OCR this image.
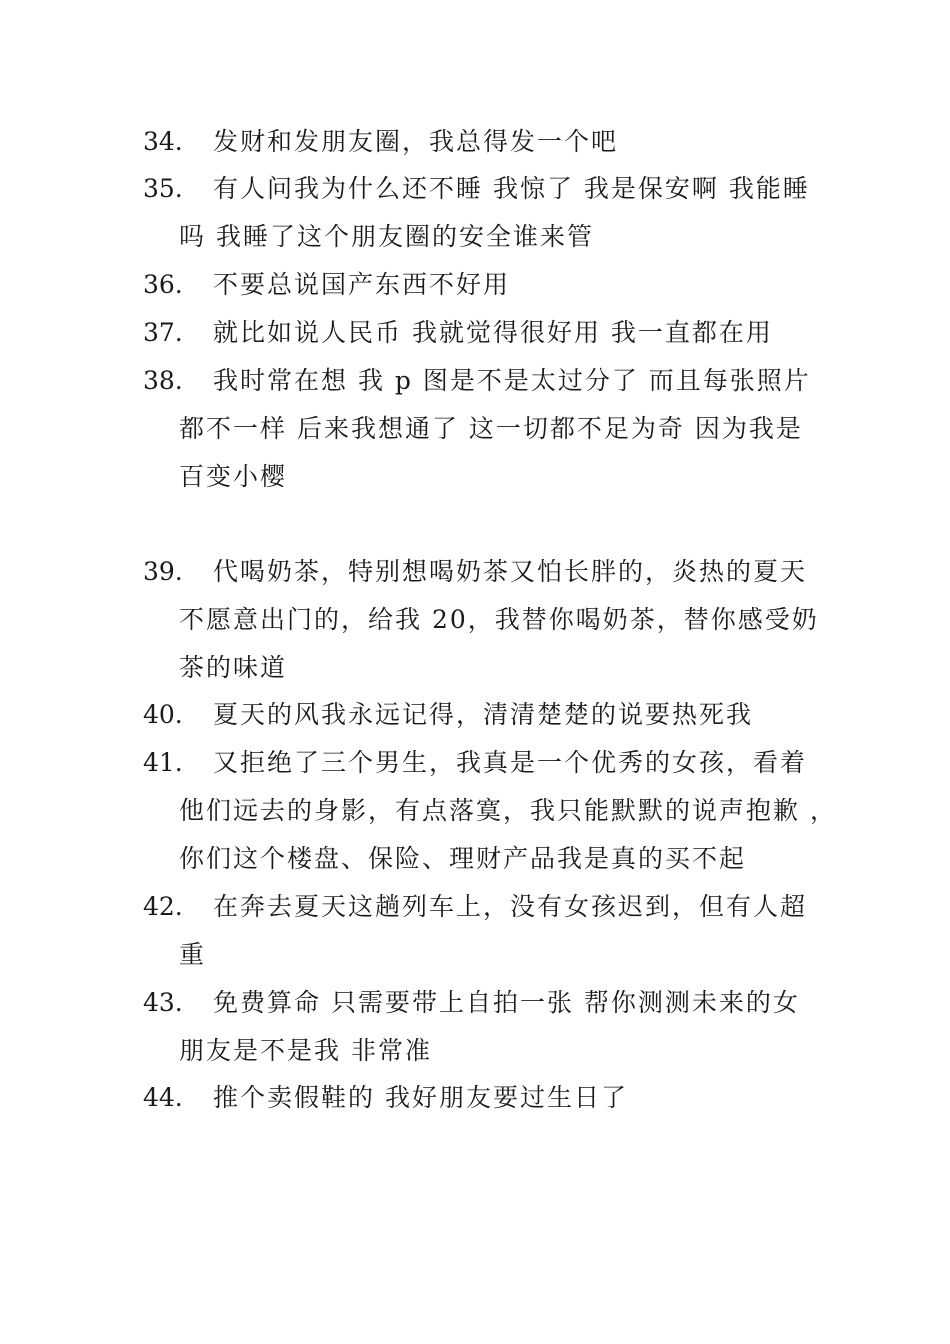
34.	发财和发朋友圈，我总得发一个吧
35.	有人问我为什么还不睡 我惊了 我是保安啊 我能睡
吗 我睡了这个朋友圈的安全谁来管
36.	不要总说国产东西不好用
37.	就比如说人民币 我就觉得很好用 我一直都在用
38.	我时常在想 我 p 图是不是太过分了 而且每张照片
都不一样 后来我想通了 这一切都不足为奇 因为我是
百变小樱
39.	代喝奶茶，特别想喝奶茶又怕长胖的，炎热的夏天
不愿意出门的，给我 20，我替你喝奶茶，替你感受奶
茶的味道
40.	夏天的风我永远记得，清清楚楚的说要热死我
41.	又拒绝了三个男生，我真是一个优秀的女孩，看着
他们远去的身影，有点落寞，我只能默默的说声抱歉 ，
你们这个楼盘、保险、理财产品我是真的买不起
42.	在奔去夏天这趟列车上，没有女孩迟到，但有人超
重
43.	免费算命 只需要带上自拍一张 帮你测测未来的女
朋友是不是我 非常准
44.	推个卖假鞋的 我好朋友要过生日了
